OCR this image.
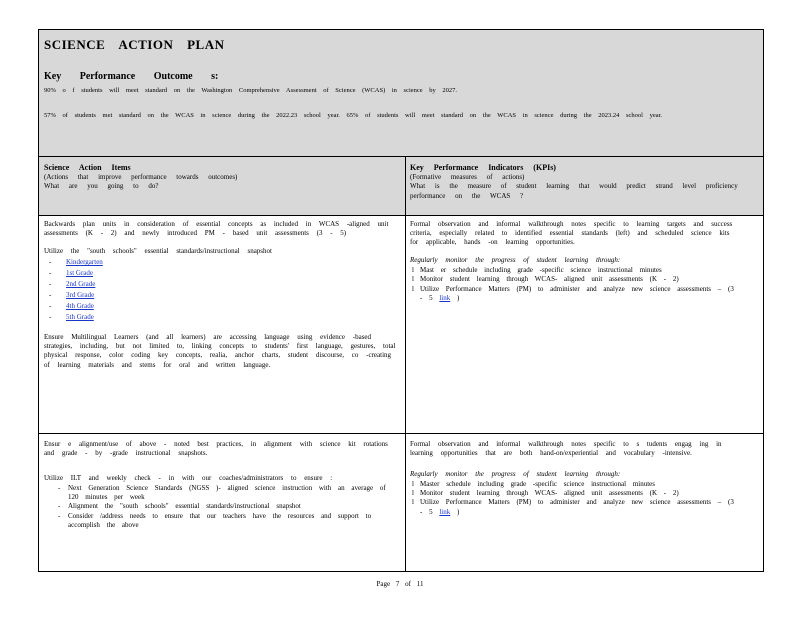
SCIENCE ACTION PLAN
Key Performance Outcome s:
90% o f students will meet standard on the Washington Comprehensive Assessment of Science (WCAS) in science by 2027.
57% of students met standard on the WCAS in science during the 2022.23 school year. 65% of students will meet standard on the WCAS in science during the 2023.24 school year.
Science Action Items
(Actions that improve performance towards outcomes)
What are you going to do?
Key Performance Indicators (KPIs)
(Formative measures of actions)
What is the measure of student learning that would predict strand level proficiency performance on the WCAS ?

Backwards plan units in consideration of essential concepts as included in WCAS -aligned unit assessments (K - 2) and newly introduced PM - based unit assessments (3 - 5)

Utilize the "south schools" essential standards/instructional snapshot

- Kindergarten
- 1st Grade
- 2nd Grade
- 3rd Grade
- 4th Grade
- 5th Grade

Ensure Multilingual Learners (and all learners) are accessing language using evidence -based strategies, including, but not limited to, linking concepts to students' first language, gestures, total physical response, color coding key concepts, realia, anchor charts, student discourse, co -creating of learning materials and stems for oral and written language.

Formal observation and informal walkthrough notes specific to learning targets and success criteria, especially related to identified essential standards (left) and scheduled science kits for applicable, hands -on learning opportunities.

Regularly monitor the progress of student learning through:

l Mast er schedule including grade -specific science instructional minutes
l Monitor student learning through WCAS- aligned unit assessments (K - 2)
l Utilize Performance Matters (PM) to administer and analyze new science assessments – (3 - 5 link )

Ensur e alignment/use of above - noted best practices, in alignment with science kit rotations and grade - by -grade instructional snapshots.

Utilize ILT and weekly check - in with our coaches/administrators to ensure :

- Next Generation Science Standards (NGSS )- aligned science instruction with an average of 120 minutes per week
- Alignment the "south schools" essential standards/instructional snapshot
- Consider /address needs to ensure that our teachers have the resources and support to accomplish the above

Formal observation and informal walkthrough notes specific to s tudents engag ing in learning opportunities that are both hand-on/experiential and vocabulary -intensive.

Regularly monitor the progress of student learning through:

l Master schedule including grade -specific science instructional minutes
l Monitor student learning through WCAS- aligned unit assessments (K - 2)
l Utilize Performance Matters (PM) to administer and analyze new science assessments – (3 - 5 link )
Page 7 of 11
